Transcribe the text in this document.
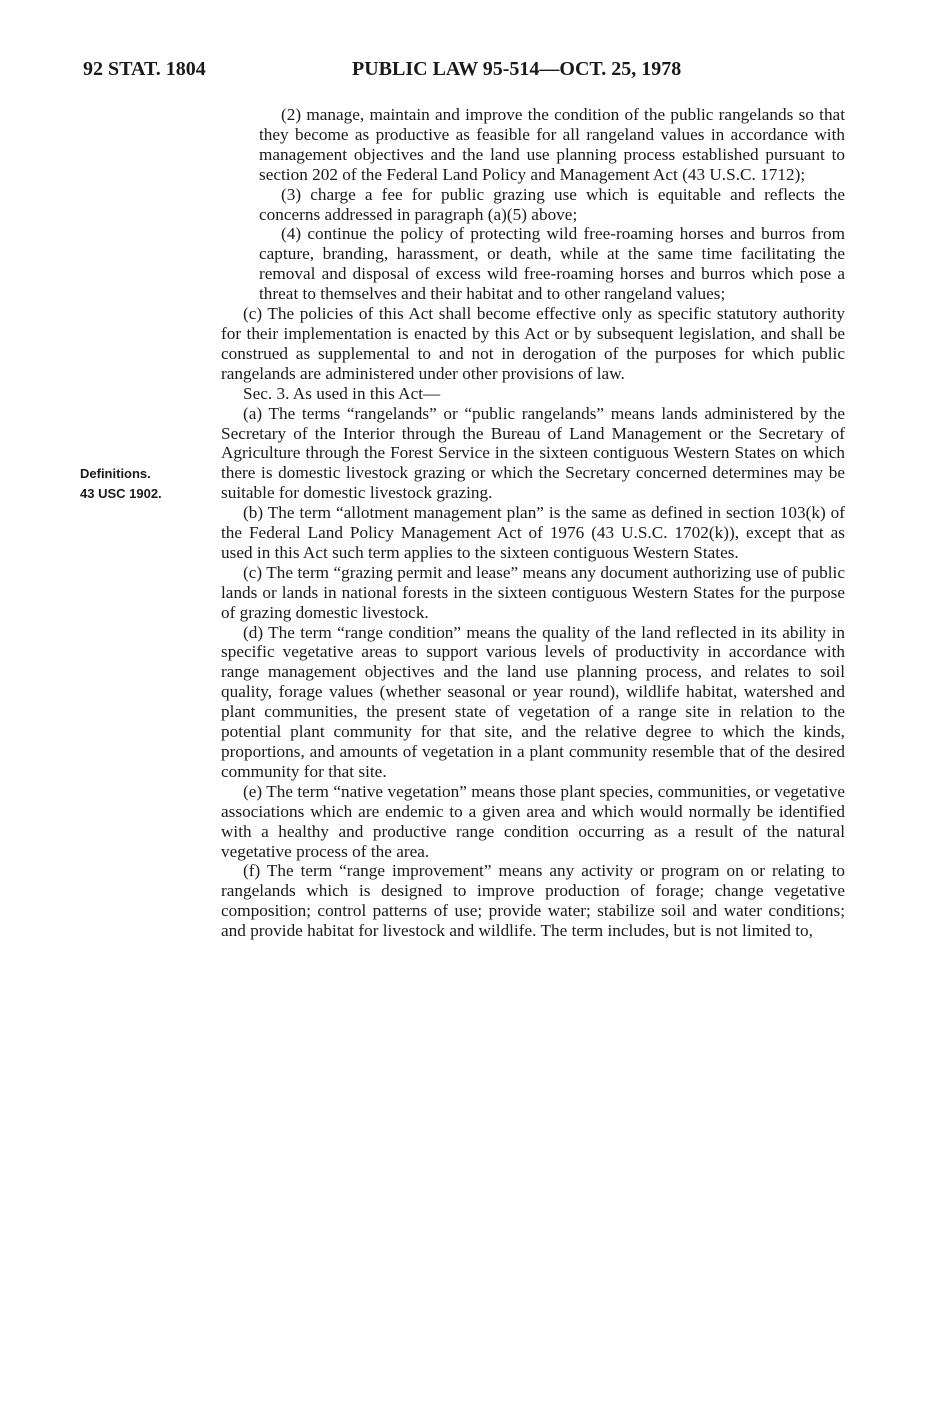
92 STAT. 1804	PUBLIC LAW 95-514—OCT. 25, 1978
Definitions.
43 USC 1902.

(2) manage, maintain and improve the condition of the public rangelands so that they become as productive as feasible for all rangeland values in accordance with management objectives and the land use planning process established pursuant to section 202 of the Federal Land Policy and Management Act (43 U.S.C. 1712);

(3) charge a fee for public grazing use which is equitable and reflects the concerns addressed in paragraph (a)(5) above;

(4) continue the policy of protecting wild free-roaming horses and burros from capture, branding, harassment, or death, while at the same time facilitating the removal and disposal of excess wild free-roaming horses and burros which pose a threat to themselves and their habitat and to other rangeland values;

(c) The policies of this Act shall become effective only as specific statutory authority for their implementation is enacted by this Act or by subsequent legislation, and shall be construed as supplemental to and not in derogation of the purposes for which public rangelands are administered under other provisions of law.

Sec. 3. As used in this Act—

(a) The terms “rangelands” or “public rangelands” means lands administered by the Secretary of the Interior through the Bureau of Land Management or the Secretary of Agriculture through the Forest Service in the sixteen contiguous Western States on which there is domestic livestock grazing or which the Secretary concerned determines may be suitable for domestic livestock grazing.

(b) The term “allotment management plan” is the same as defined in section 103(k) of the Federal Land Policy Management Act of 1976 (43 U.S.C. 1702(k)), except that as used in this Act such term applies to the sixteen contiguous Western States.

(c) The term “grazing permit and lease” means any document authorizing use of public lands or lands in national forests in the sixteen contiguous Western States for the purpose of grazing domestic livestock.

(d) The term “range condition” means the quality of the land reflected in its ability in specific vegetative areas to support various levels of productivity in accordance with range management objectives and the land use planning process, and relates to soil quality, forage values (whether seasonal or year round), wildlife habitat, watershed and plant communities, the present state of vegetation of a range site in relation to the potential plant community for that site, and the relative degree to which the kinds, proportions, and amounts of vegetation in a plant community resemble that of the desired community for that site.

(e) The term “native vegetation” means those plant species, communities, or vegetative associations which are endemic to a given area and which would normally be identified with a healthy and productive range condition occurring as a result of the natural vegetative process of the area.

(f) The term “range improvement” means any activity or program on or relating to rangelands which is designed to improve production of forage; change vegetative composition; control patterns of use; provide water; stabilize soil and water conditions; and provide habitat for livestock and wildlife. The term includes, but is not limited to,
